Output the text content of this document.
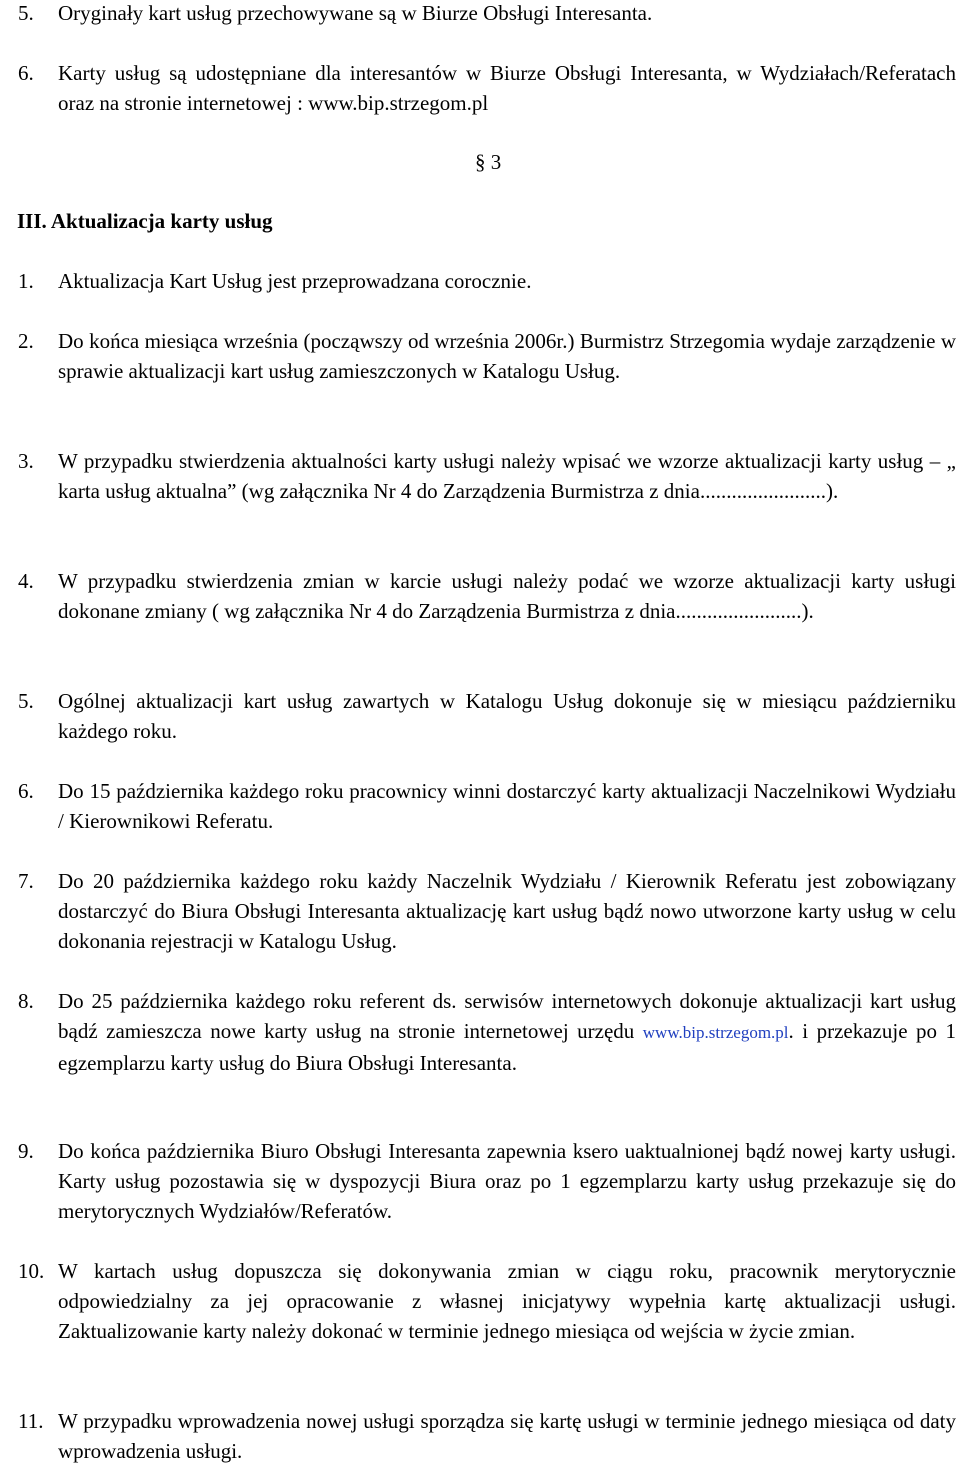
5.	Oryginały kart usług przechowywane są w Biurze Obsługi Interesanta.
6.	Karty usług są udostępniane dla interesantów w Biurze Obsługi Interesanta, w Wydziałach/Referatach oraz na stronie internetowej : www.bip.strzegom.pl
§ 3
III. Aktualizacja karty usług
1.	Aktualizacja Kart Usług jest przeprowadzana corocznie.
2.	Do końca miesiąca września (począwszy od września 2006r.) Burmistrz Strzegomia wydaje zarządzenie w sprawie aktualizacji kart usług zamieszczonych w Katalogu Usług.
3.	W przypadku stwierdzenia aktualności karty usługi należy wpisać we wzorze aktualizacji karty usług – „ karta usług aktualna” (wg załącznika Nr 4 do Zarządzenia Burmistrza z dnia........................).
4.	W przypadku stwierdzenia zmian w karcie usługi należy podać we wzorze aktualizacji karty usługi dokonane zmiany ( wg załącznika Nr 4 do Zarządzenia Burmistrza z dnia........................).
5.	Ogólnej aktualizacji kart usług zawartych w Katalogu Usług dokonuje się w miesiącu październiku każdego roku.
6.	Do 15 października każdego roku pracownicy winni dostarczyć karty aktualizacji Naczelnikowi Wydziału / Kierownikowi Referatu.
7.	Do 20 października każdego roku każdy Naczelnik Wydziału / Kierownik Referatu jest zobowiązany dostarczyć do Biura Obsługi Interesanta aktualizację kart usług bądź nowo utworzone karty usług w celu dokonania rejestracji w Katalogu Usług.
8.	Do 25 października każdego roku referent ds. serwisów internetowych dokonuje aktualizacji kart usług bądź zamieszcza nowe karty usług na stronie internetowej urzędu www.bip.strzegom.pl. i przekazuje po 1 egzemplarzu karty usług do Biura Obsługi Interesanta.
9.	Do końca października Biuro Obsługi Interesanta zapewnia ksero uaktualnionej bądź nowej karty usługi. Karty usług pozostawia się w dyspozycji Biura oraz po 1 egzemplarzu karty usług przekazuje się do merytorycznych Wydziałów/Referatów.
10. W kartach usług dopuszcza się dokonywania zmian w ciągu roku, pracownik merytorycznie odpowiedzialny za jej opracowanie z własnej inicjatywy wypełnia kartę aktualizacji usługi. Zaktualizowanie karty należy dokonać w terminie jednego miesiąca od wejścia w życie zmian.
11. W przypadku wprowadzenia nowej usługi sporządza się kartę usługi w terminie jednego miesiąca od daty wprowadzenia usługi.
